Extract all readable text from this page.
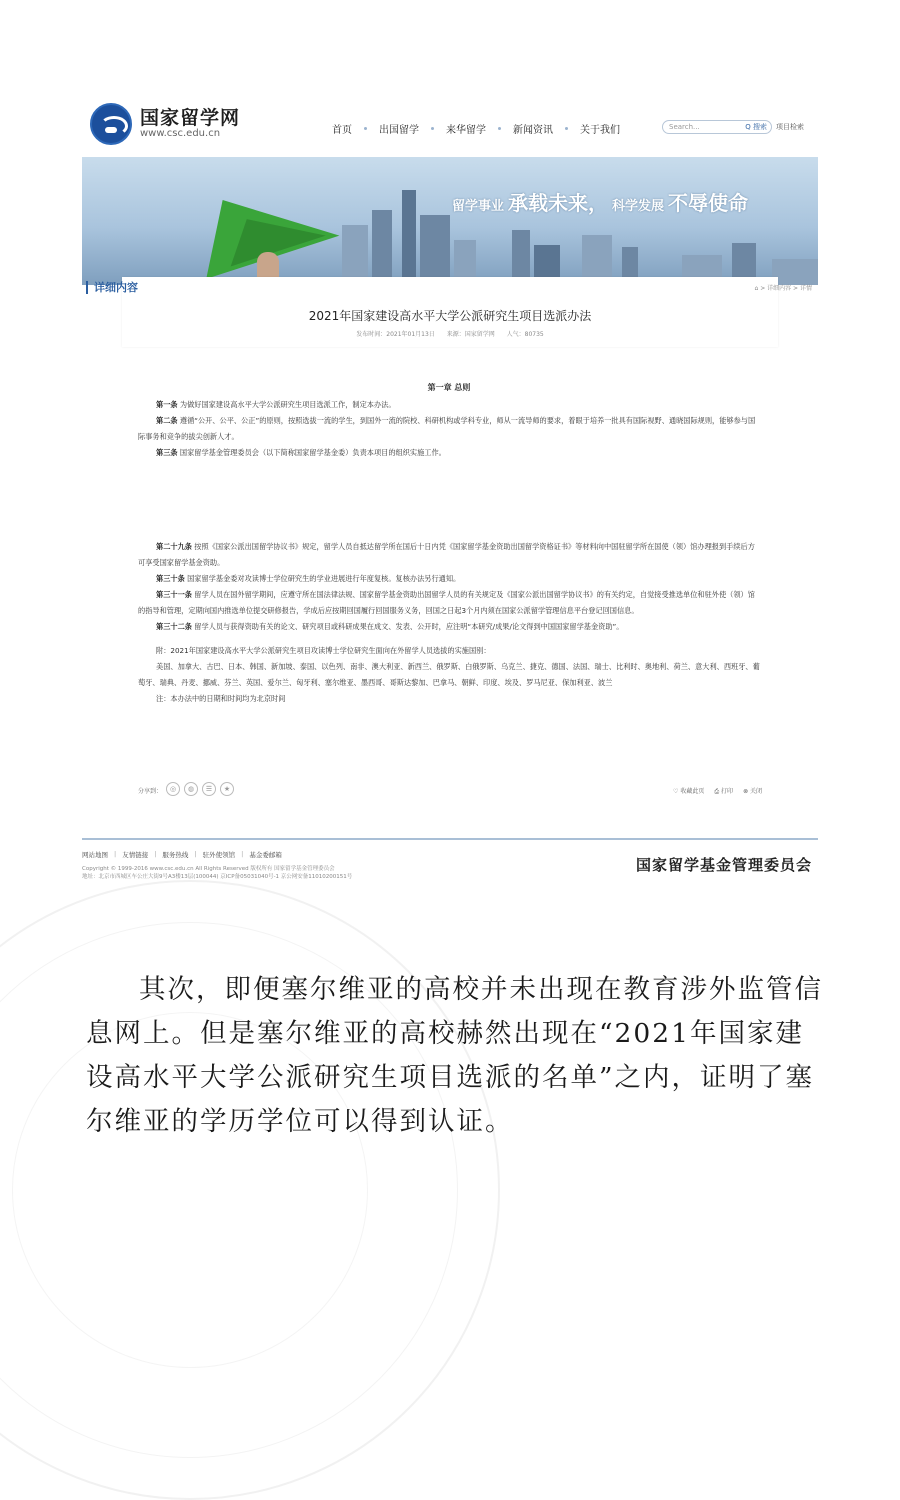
国家留学网
www.csc.edu.cn	首页	出国留学	来华留学	新闻资讯	关于我们	Search...	Q 搜索 项目检索
留学事业 承载未来， 科学发展 不辱使命
详细内容	⌂ > 详细内容 > 详情
2021年国家建设高水平大学公派研究生项目选派办法
发布时间：2021年01月13日 来源：国家留学网 人气：80735
第一章 总则

第一条 为做好国家建设高水平大学公派研究生项目选派工作，制定本办法。

第二条 遵循“公开、公平、公正”的原则，按照选拔一流的学生，到国外一流的院校、科研机构或学科专业，师从一流导师的要求，着眼于培养一批具有国际视野、通晓国际规则，能够参与国际事务和竞争的拔尖创新人才。

第三条 国家留学基金管理委员会（以下简称国家留学基金委）负责本项目的组织实施工作。

第二十九条 按照《国家公派出国留学协议书》规定，留学人员自抵达留学所在国后十日内凭《国家留学基金资助出国留学资格证书》等材料向中国驻留学所在国使（领）馆办理报到手续后方可享受国家留学基金资助。

第三十条 国家留学基金委对攻读博士学位研究生的学业进展进行年度复核。复核办法另行通知。

第三十一条 留学人员在国外留学期间，应遵守所在国法律法规、国家留学基金资助出国留学人员的有关规定及《国家公派出国留学协议书》的有关约定，自觉接受推选单位和驻外使（领）馆的指导和管理，定期向国内推选单位提交研修报告，学成后应按期回国履行回国服务义务，回国之日起3个月内须在国家公派留学管理信息平台登记回国信息。

第三十二条 留学人员与获得资助有关的论文、研究项目或科研成果在成文、发表、公开时，应注明“本研究/成果/论文得到中国国家留学基金资助”。

附：2021年国家建设高水平大学公派研究生项目攻读博士学位研究生面向在外留学人员选拔的实施国别：

美国、加拿大、古巴、日本、韩国、新加坡、泰国、以色列、南非、澳大利亚、新西兰、俄罗斯、白俄罗斯、乌克兰、捷克、德国、法国、瑞士、比利时、奥地利、荷兰、意大利、西班牙、葡萄牙、瑞典、丹麦、挪威、芬兰、英国、爱尔兰、匈牙利、塞尔维亚、墨西哥、哥斯达黎加、巴拿马、朝鲜、印度、埃及、罗马尼亚、保加利亚、波兰

注：本办法中的日期和时间均为北京时间

分享到：	◎	◍	☰	★	♡ 收藏此页 ⎙ 打印 ⊗ 关闭
网站地图 | 友情链接 | 服务热线 | 驻外使领馆 | 基金委邮箱
Copyright © 1999-2016 www.csc.edu.cn All Rights Reserved 版权所有 国家留学基金管理委员会
地址：北京市西城区车公庄大街9号A3楼13层(100044) 京ICP备05031040号-1 京公网安备11010200151号
国家留学基金管理委员会
其次，即便塞尔维亚的高校并未出现在教育涉外监管信息网上。但是塞尔维亚的高校赫然出现在“2021年国家建设高水平大学公派研究生项目选派的名单”之内，证明了塞尔维亚的学历学位可以得到认证。
